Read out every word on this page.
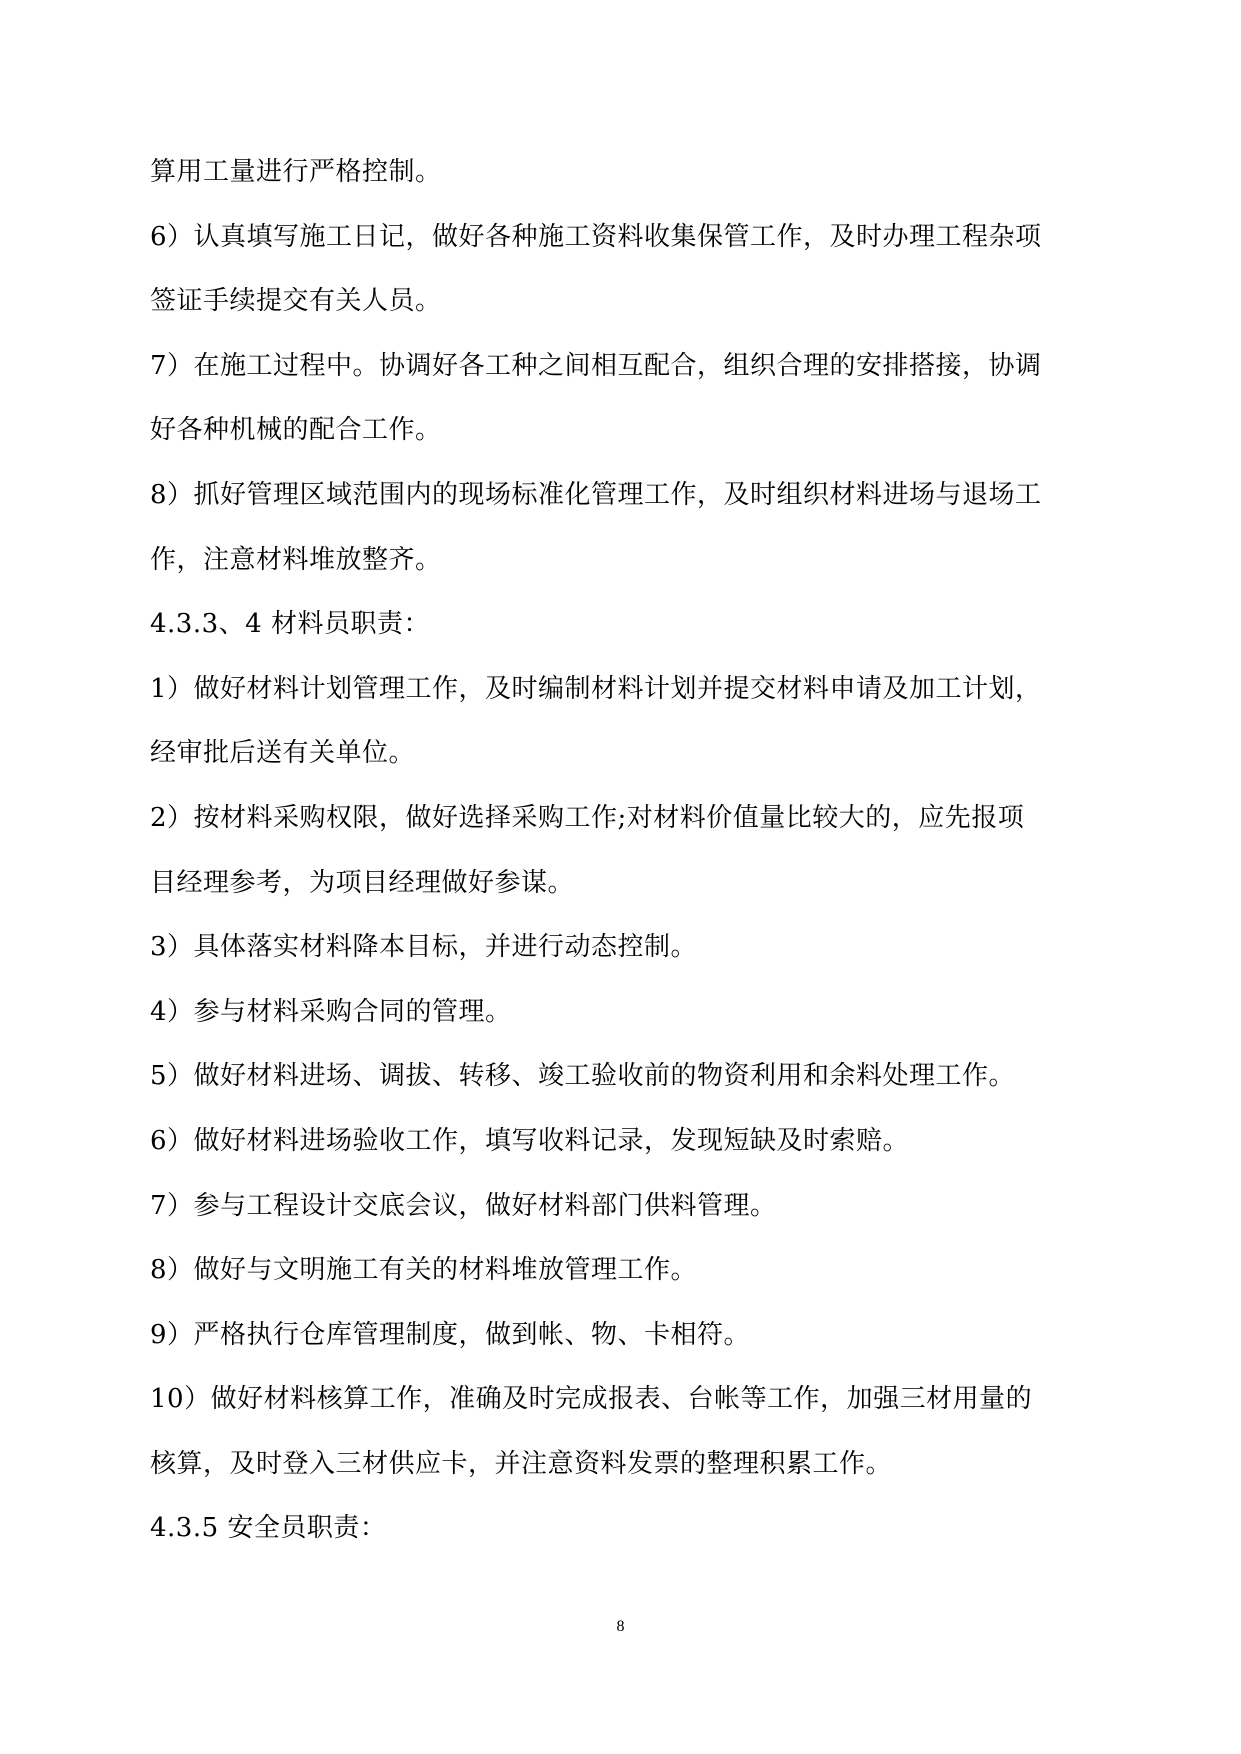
算用工量进行严格控制。
6）认真填写施工日记，做好各种施工资料收集保管工作，及时办理工程杂项
签证手续提交有关人员。
7）在施工过程中。协调好各工种之间相互配合，组织合理的安排搭接，协调
好各种机械的配合工作。
8）抓好管理区域范围内的现场标准化管理工作，及时组织材料进场与退场工
作，注意材料堆放整齐。
4.3.3、4 材料员职责：
1）做好材料计划管理工作，及时编制材料计划并提交材料申请及加工计划，
经审批后送有关单位。
2）按材料采购权限，做好选择采购工作;对材料价值量比较大的，应先报项
目经理参考，为项目经理做好参谋。
3）具体落实材料降本目标，并进行动态控制。
4）参与材料采购合同的管理。
5）做好材料进场、调拔、转移、竣工验收前的物资利用和余料处理工作。
6）做好材料进场验收工作，填写收料记录，发现短缺及时索赔。
7）参与工程设计交底会议，做好材料部门供料管理。
8）做好与文明施工有关的材料堆放管理工作。
9）严格执行仓库管理制度，做到帐、物、卡相符。
10）做好材料核算工作，准确及时完成报表、台帐等工作，加强三材用量的
核算，及时登入三材供应卡，并注意资料发票的整理积累工作。
4.3.5 安全员职责：
8
